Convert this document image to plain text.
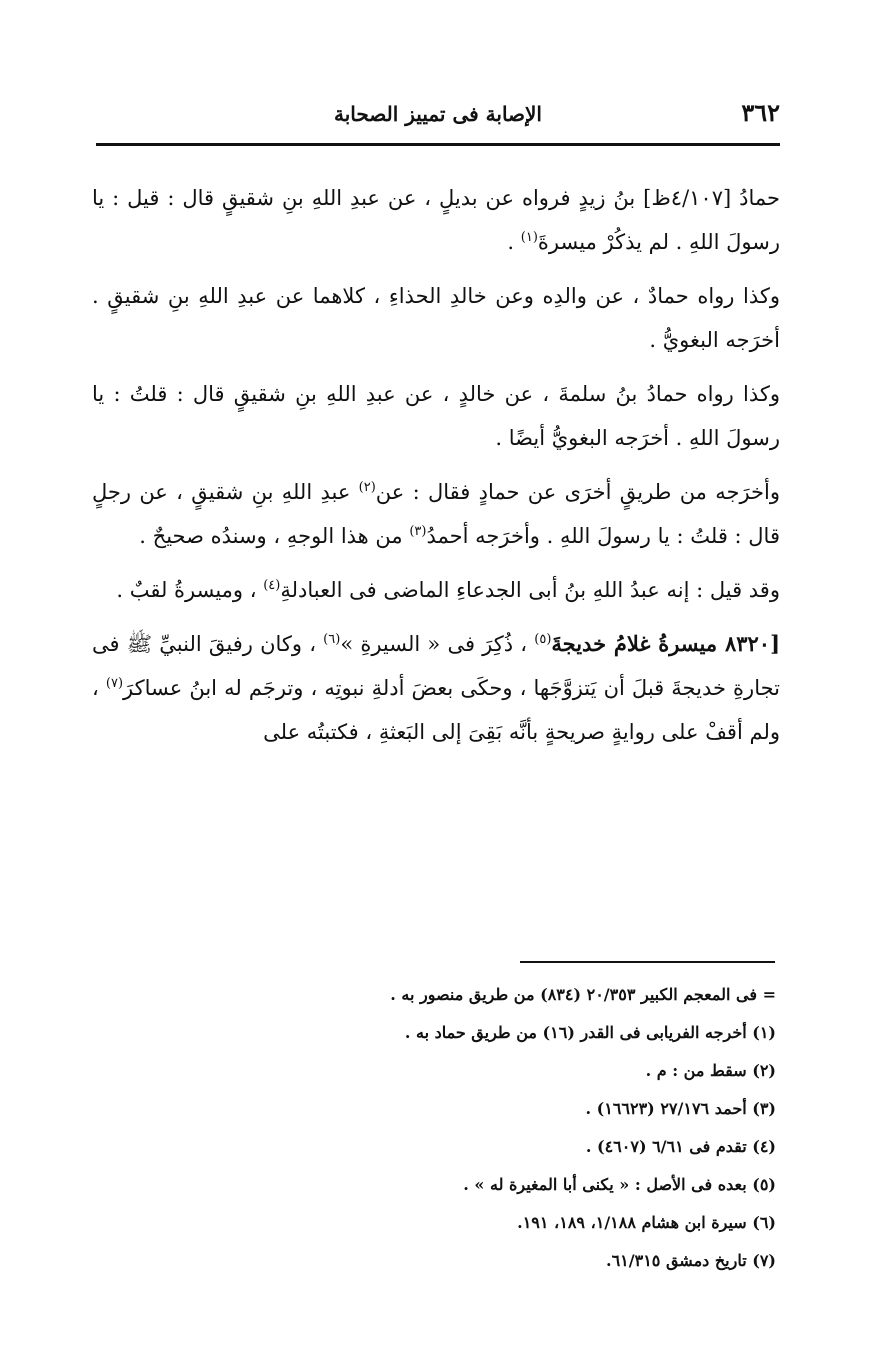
٣٦٢
الإصابة فى تمييز الصحابة

حمادُ [٤/١٠٧ظ] بنُ زيدٍ فرواه عن بديلٍ ، عن عبدِ اللهِ بنِ شقيقٍ قال : قيل : يا رسولَ اللهِ . لم يذكُرْ ميسرةَ$^{(١)}$ .

وكذا رواه حمادٌ ، عن والدِه وعن خالدِ الحذاءِ ، كلاهما عن عبدِ اللهِ بنِ شقيقٍ . أخرَجه البغويُّ .

وكذا رواه حمادُ بنُ سلمةَ ، عن خالدٍ ، عن عبدِ اللهِ بنِ شقيقٍ قال : قلتُ : يا رسولَ اللهِ . أخرَجه البغويُّ أيضًا .

وأخرَجه من طريقٍ أخرَى عن حمادٍ فقال : عن$^{(٢)}$ عبدِ اللهِ بنِ شقيقٍ ، عن رجلٍ قال : قلتُ : يا رسولَ اللهِ . وأخرَجه أحمدُ$^{(٣)}$ من هذا الوجهِ ، وسندُه صحيحٌ .

وقد قيل : إنه عبدُ اللهِ بنُ أبى الجدعاءِ الماضى فى العبادلةِ$^{(٤)}$ ، وميسرةُ لقبٌ .

[٨٣٢٠ ميسرةُ غلامُ خديجةَ$^{(٥)}$ ، ذُكِرَ فى « السيرةِ »$^{(٦)}$ ، وكان رفيقَ النبيِّ ﷺ فى تجارةِ خديجةَ قبلَ أن يَتزوَّجَها ، وحكَى بعضَ أدلةِ نبوتِه ، وترجَم له ابنُ عساكرَ$^{(٧)}$ ، ولم أقفْ على روايةٍ صريحةٍ بأنَّه بَقِىَ إلى البَعثةِ ، فكتبتُه على

= فى المعجم الكبير ٢٠/٣٥٣ (٨٣٤) من طريق منصور به .
(١) أخرجه الفريابى فى القدر (١٦) من طريق حماد به .
(٢) سقط من : م .
(٣) أحمد ٢٧/١٧٦ (١٦٦٢٣) .
(٤) تقدم فى ٦/٦١ (٤٦٠٧) .
(٥) بعده فى الأصل : « يكنى أبا المغيرة له » .
(٦) سيرة ابن هشام ١/١٨٨، ١٨٩، ١٩١.
(٧) تاريخ دمشق ٦١/٣١٥.
